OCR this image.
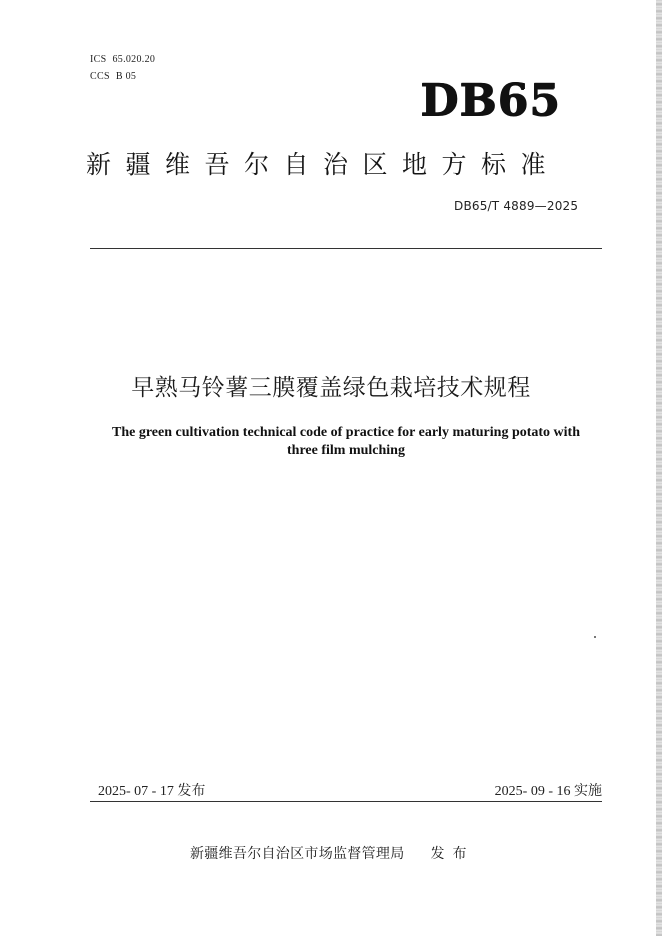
ICS 65.020.20
CCS B 05	DB65
新疆维吾尔自治区地方标准
DB65/T 4889—2025
早熟马铃薯三膜覆盖绿色栽培技术规程
The green cultivation technical code of practice for early maturing potato with three film mulching
2025- 07 - 17 发布	2025- 09 - 16 实施
新疆维吾尔自治区市场监督管理局 发布
